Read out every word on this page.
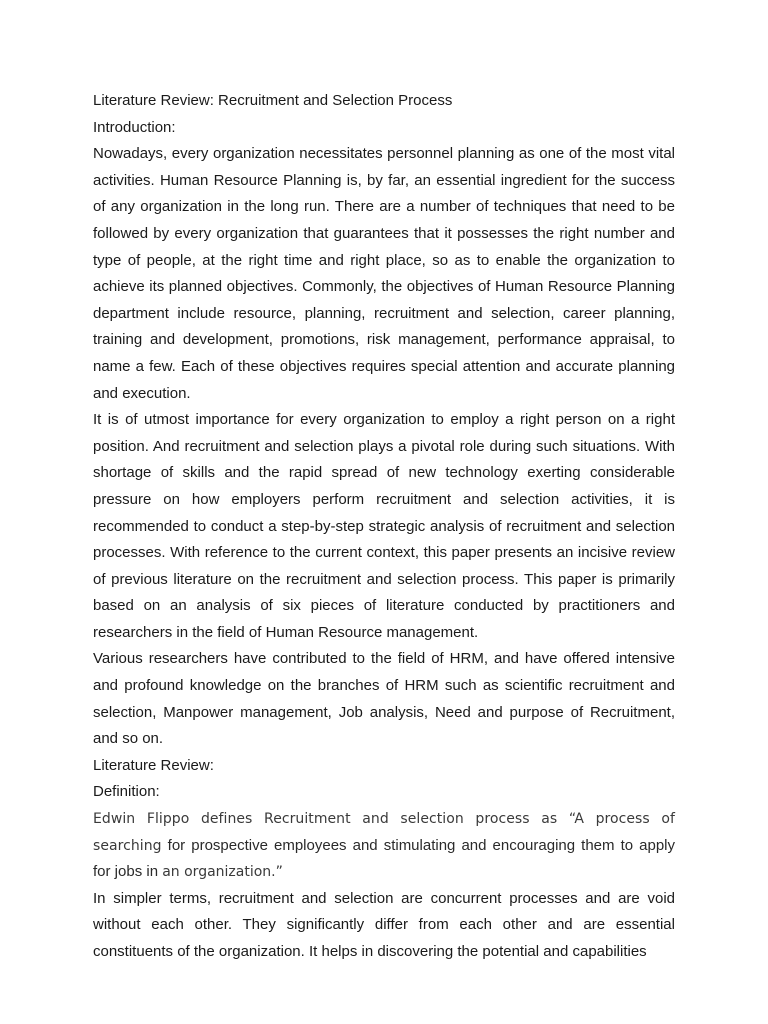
Literature Review: Recruitment and Selection Process

Introduction:

Nowadays, every organization necessitates personnel planning as one of the most vital activities. Human Resource Planning is, by far, an essential ingredient for the success of any organization in the long run. There are a number of techniques that need to be followed by every organization that guarantees that it possesses the right number and type of people, at the right time and right place, so as to enable the organization to achieve its planned objectives. Commonly, the objectives of Human Resource Planning department include resource, planning, recruitment and selection, career planning, training and development, promotions, risk management, performance appraisal, to name a few. Each of these objectives requires special attention and accurate planning and execution.

It is of utmost importance for every organization to employ a right person on a right position. And recruitment and selection plays a pivotal role during such situations. With shortage of skills and the rapid spread of new technology exerting considerable pressure on how employers perform recruitment and selection activities, it is recommended to conduct a step-by-step strategic analysis of recruitment and selection processes. With reference to the current context, this paper presents an incisive review of previous literature on the recruitment and selection process. This paper is primarily based on an analysis of six pieces of literature conducted by practitioners and researchers in the field of Human Resource management.

Various researchers have contributed to the field of HRM, and have offered intensive and profound knowledge on the branches of HRM such as scientific recruitment and selection, Manpower management, Job analysis, Need and purpose of Recruitment, and so on.

Literature Review:

Definition:

Edwin Flippo defines Recruitment and selection process as “A process of searching for prospective employees and stimulating and encouraging them to apply for jobs in an organization.”

In simpler terms, recruitment and selection are concurrent processes and are void without each other. They significantly differ from each other and are essential constituents of the organization. It helps in discovering the potential and capabilities
